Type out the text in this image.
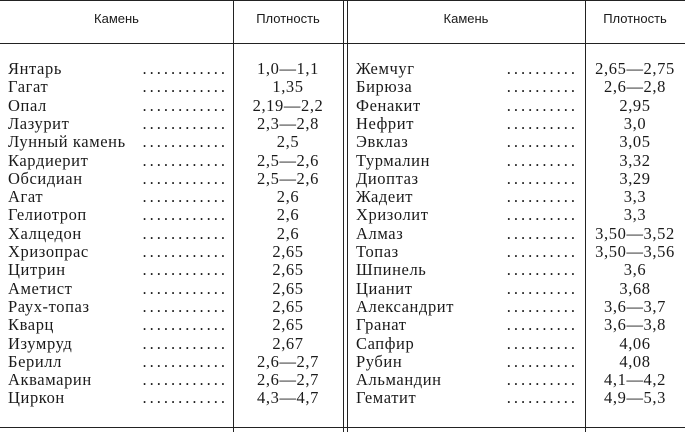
Камень	Плотность	Камень	Плотность
Янтарь	............	1,0—1,1
Гагат	............	1,35
Опал	............	2,19—2,2
Лазурит	............	2,3—2,8
Лунный камень	............	2,5
Кардиерит	............	2,5—2,6
Обсидиан	............	2,5—2,6
Агат	............	2,6
Гелиотроп	............	2,6
Халцедон	............	2,6
Хризопрас	............	2,65
Цитрин	............	2,65
Аметист	............	2,65
Раух-топаз	............	2,65
Кварц	............	2,65
Изумруд	............	2,67
Берилл	............	2,6—2,7
Аквамарин	............	2,6—2,7
Циркон	............	4,3—4,7
Жемчуг	..........	2,65—2,75
Бирюза	..........	2,6—2,8
Фенакит	..........	2,95
Нефрит	..........	3,0
Эвклаз	..........	3,05
Турмалин	..........	3,32
Диоптаз	..........	3,29
Жадеит	..........	3,3
Хризолит	..........	3,3
Алмаз	..........	3,50—3,52
Топаз	..........	3,50—3,56
Шпинель	..........	3,6
Цианит	..........	3,68
Александрит	..........	3,6—3,7
Гранат	..........	3,6—3,8
Сапфир	..........	4,06
Рубин	..........	4,08
Альмандин	..........	4,1—4,2
Гематит	..........	4,9—5,3
